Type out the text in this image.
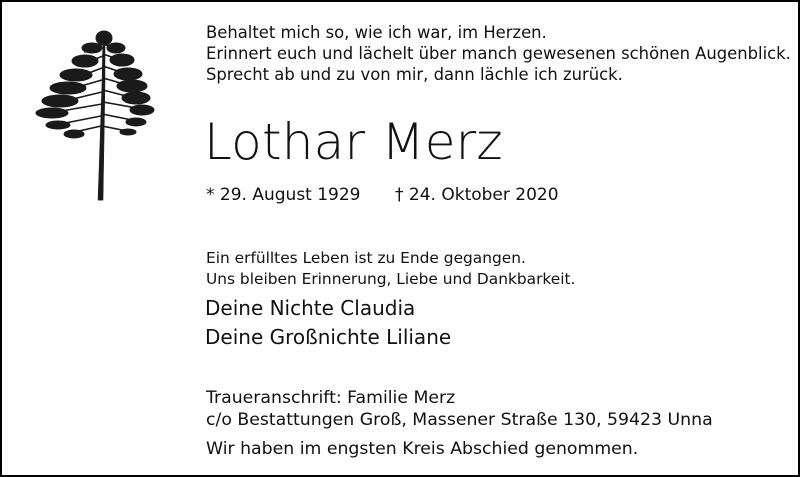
Behaltet mich so, wie ich war, im Herzen.
Erinnert euch und lächelt über manch gewesenen schönen Augenblick.
Sprecht ab und zu von mir, dann lächle ich zurück.
Lothar Merz
* 29. August 1929 † 24. Oktober 2020
Ein erfülltes Leben ist zu Ende gegangen.
Uns bleiben Erinnerung, Liebe und Dankbarkeit.
Deine Nichte Claudia
Deine Großnichte Liliane
Traueranschrift: Familie Merz
c/o Bestattungen Groß, Massener Straße 130, 59423 Unna

Wir haben im engsten Kreis Abschied genommen.
